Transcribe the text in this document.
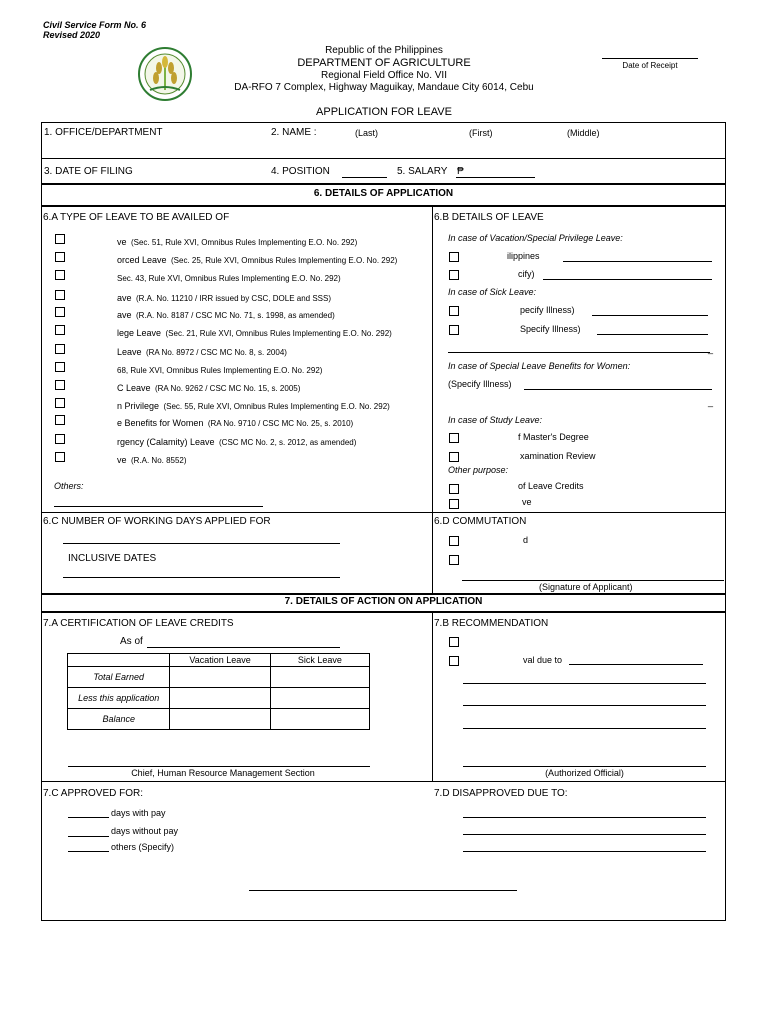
Civil Service Form No. 6
Revised 2020
Republic of the Philippines
DEPARTMENT OF AGRICULTURE
Regional Field Office No. VII
DA-RFO 7 Complex, Highway Maguikay, Mandaue City 6014, Cebu
Date of Receipt
APPLICATION FOR LEAVE
1. OFFICE/DEPARTMENT	2. NAME :	(Last)	(First)	(Middle)
3. DATE OF FILING	4. POSITION	5. SALARY ₱
6. DETAILS OF APPLICATION
6.A TYPE OF LEAVE TO BE AVAILED OF
ve (Sec. 51, Rule XVI, Omnibus Rules Implementing E.O. No. 292)
orced Leave (Sec. 25, Rule XVI, Omnibus Rules Implementing E.O. No. 292)
Sec. 43, Rule XVI, Omnibus Rules Implementing E.O. No. 292)
ave (R.A. No. 11210 / IRR issued by CSC, DOLE and SSS)
ave (R.A. No. 8187 / CSC MC No. 71, s. 1998, as amended)
lege Leave (Sec. 21, Rule XVI, Omnibus Rules Implementing E.O. No. 292)
Leave (RA No. 8972 / CSC MC No. 8, s. 2004)
68, Rule XVI, Omnibus Rules Implementing E.O. No. 292)
C Leave (RA No. 9262 / CSC MC No. 15, s. 2005)
n Privilege (Sec. 55, Rule XVI, Omnibus Rules Implementing E.O. No. 292)
e Benefits for Women (RA No. 9710 / CSC MC No. 25, s. 2010)
rgency (Calamity) Leave (CSC MC No. 2, s. 2012, as amended)
ve (R.A. No. 8552)
Others:
6.B DETAILS OF LEAVE
In case of Vacation/Special Privilege Leave:
ilippines
cify)
In case of Sick Leave:
pecify Illness)
Specify Illness)
_
In case of Special Leave Benefits for Women:
(Specify Illness)
_
In case of Study Leave:
f Master's Degree
xamination Review
Other purpose:
of Leave Credits
ve
6.C NUMBER OF WORKING DAYS APPLIED FOR
INCLUSIVE DATES
6.D COMMUTATION
d
(Signature of Applicant)
7. DETAILS OF ACTION ON APPLICATION
7.A CERTIFICATION OF LEAVE CREDITS
As of
	Vacation Leave	Sick Leave
Total Earned		
Less this application		
Balance		
Chief, Human Resource Management Section
7.B RECOMMENDATION
val due to
(Authorized Official)
7.C APPROVED FOR:
days with pay
days without pay
others (Specify)
7.D DISAPPROVED DUE TO:
